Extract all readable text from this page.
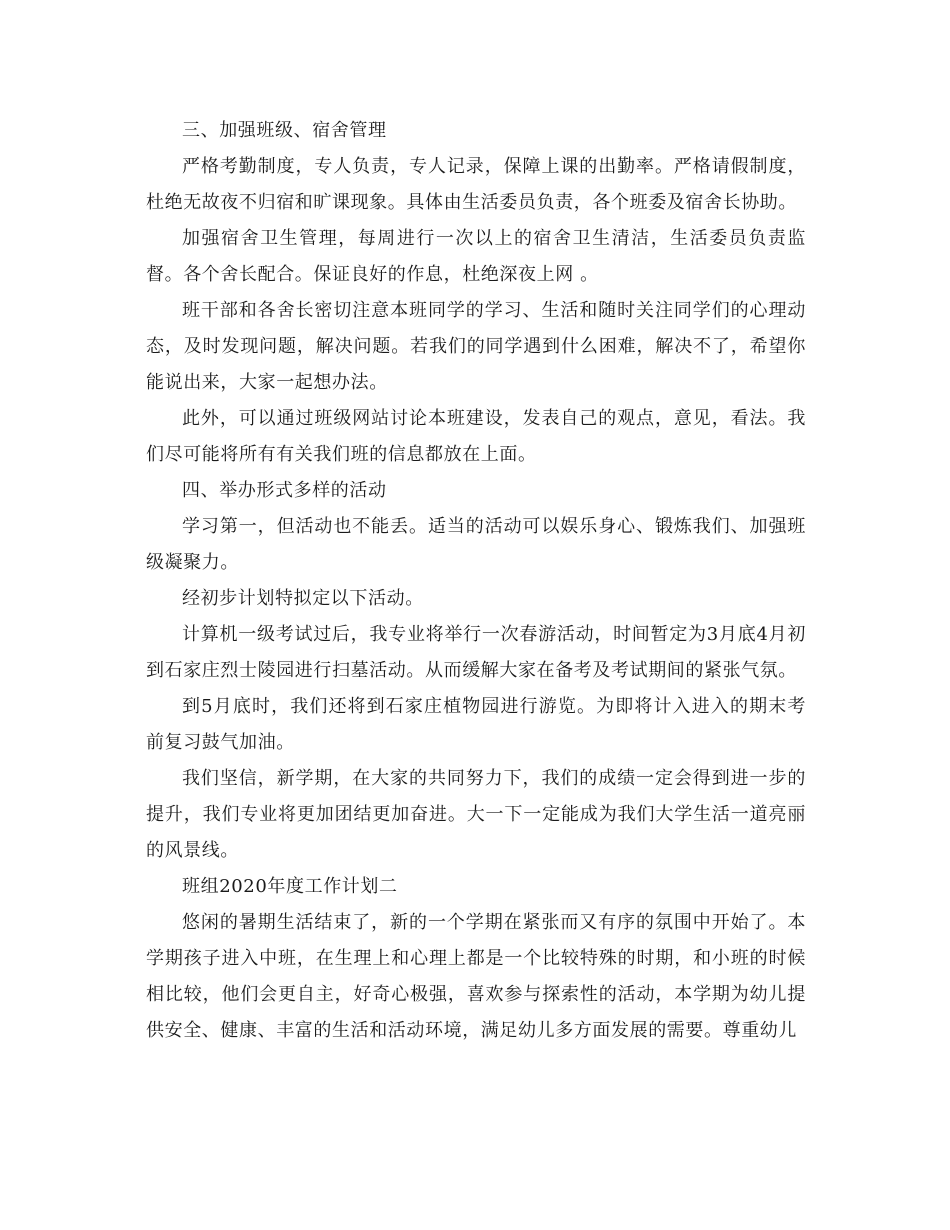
三、加强班级、宿舍管理

严格考勤制度，专人负责，专人记录，保障上课的出勤率。严格请假制度，杜绝无故夜不归宿和旷课现象。具体由生活委员负责，各个班委及宿舍长协助。

加强宿舍卫生管理，每周进行一次以上的宿舍卫生清洁，生活委员负责监督。各个舍长配合。保证良好的作息，杜绝深夜上网 。

班干部和各舍长密切注意本班同学的学习、生活和随时关注同学们的心理动态，及时发现问题，解决问题。若我们的同学遇到什么困难，解决不了，希望你能说出来，大家一起想办法。

此外，可以通过班级网站讨论本班建设，发表自己的观点，意见，看法。我们尽可能将所有有关我们班的信息都放在上面。

四、举办形式多样的活动

学习第一，但活动也不能丢。适当的活动可以娱乐身心、锻炼我们、加强班级凝聚力。

经初步计划特拟定以下活动。

计算机一级考试过后，我专业将举行一次春游活动，时间暂定为3月底4月初到石家庄烈士陵园进行扫墓活动。从而缓解大家在备考及考试期间的紧张气氛。

到5月底时，我们还将到石家庄植物园进行游览。为即将计入进入的期末考前复习鼓气加油。

我们坚信，新学期，在大家的共同努力下，我们的成绩一定会得到进一步的提升，我们专业将更加团结更加奋进。大一下一定能成为我们大学生活一道亮丽的风景线。

班组2020年度工作计划二

悠闲的暑期生活结束了，新的一个学期在紧张而又有序的氛围中开始了。本学期孩子进入中班，在生理上和心理上都是一个比较特殊的时期，和小班的时候相比较，他们会更自主，好奇心极强，喜欢参与探索性的活动，本学期为幼儿提供安全、健康、丰富的生活和活动环境，满足幼儿多方面发展的需要。尊重幼儿
